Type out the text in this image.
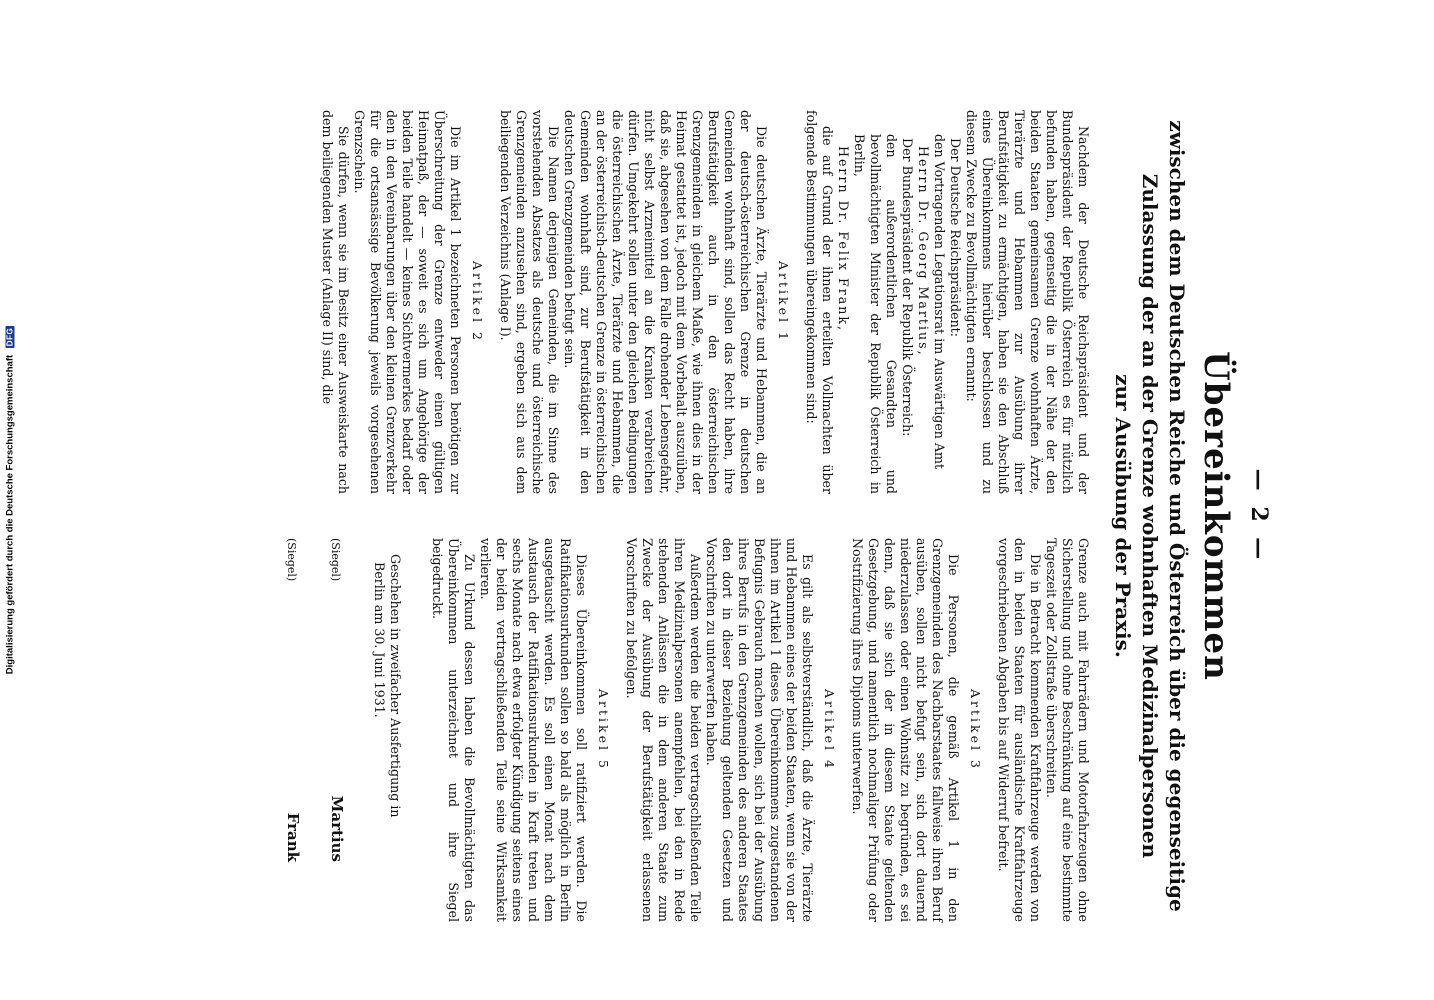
Digitalisierung gefördert durch die Deutsche Forschungsgemeinschaft DFG
— 2 —
Übereinkommen
zwischen dem Deutschen Reiche und Österreich über die gegenseitige
Zulassung der an der Grenze wohnhaften Medizinalpersonen
zur Ausübung der Praxis.

Nachdem der Deutsche Reichspräsident und der Bundespräsident der Republik Österreich es für nützlich befunden haben, gegenseitig die in der Nähe der den beiden Staaten gemeinsamen Grenze wohnhaften Ärzte, Tierärzte und Hebammen zur Ausübung ihrer Berufstätigkeit zu ermächtigen, haben sie den Abschluß eines Übereinkommens hierüber beschlossen und zu diesem Zwecke zu Bevollmächtigten ernannt:

Der Deutsche Reichspräsident:

den Vortragenden Legationsrat im Auswärtigen Amt

Herrn Dr. Georg Martius,

Der Bundespräsident der Republik Österreich:

den außerordentlichen Gesandten und bevollmächtigten Minister der Republik Österreich in Berlin,

Herrn Dr. Felix Frank,

die auf Grund der ihnen erteilten Vollmachten über folgende Bestimmungen übereingekommen sind:

Artikel 1

Die deutschen Ärzte, Tierärzte und Hebammen, die an der deutsch-österreichischen Grenze in deutschen Gemeinden wohnhaft sind, sollen das Recht haben, ihre Berufstätigkeit auch in den österreichischen Grenzgemeinden in gleichem Maße, wie ihnen dies in der Heimat gestattet ist, jedoch mit dem Vorbehalt auszuüben, daß sie, abgesehen von dem Falle drohender Lebensgefahr, nicht selbst Arzneimittel an die Kranken verabreichen dürfen. Umgekehrt sollen unter den gleichen Bedingungen die österreichischen Ärzte, Tierärzte und Hebammen, die an der österreichisch-deutschen Grenze in österreichischen Gemeinden wohnhaft sind, zur Berufstätigkeit in den deutschen Grenzgemeinden befugt sein.

Die Namen derjenigen Gemeinden, die im Sinne des vorstehenden Absatzes als deutsche und österreichische Grenzgemeinden anzusehen sind, ergeben sich aus dem beiliegenden Verzeichnis (Anlage I).

Artikel 2

Die im Artikel 1 bezeichneten Personen benötigen zur Überschreitung der Grenze entweder einen gültigen Heimatpaß, der — soweit es sich um Angehörige der beiden Teile handelt — keines Sichtvermerkes bedarf oder den in den Vereinbarungen über den kleinen Grenzverkehr für die ortsansässige Bevölkerung jeweils vorgesehenen Grenzschein.

Sie dürfen, wenn sie im Besitz einer Ausweiskarte nach dem beiliegenden Muster (Anlage II) sind, die

Grenze auch mit Fahrrädern und Motorfahrzeugen ohne Sicherstellung und ohne Beschränkung auf eine bestimmte Tageszeit oder Zollstraße überschreiten.

Die in Betracht kommenden Kraftfahrzeuge werden von den in beiden Staaten für ausländische Kraftfahrzeuge vorgeschriebenen Abgaben bis auf Widerruf befreit.

Artikel 3

Die Personen, die gemäß Artikel 1 in den Grenzgemeinden des Nachbarstaates fallweise ihren Beruf ausüben, sollen nicht befugt sein, sich dort dauernd niederzulassen oder einen Wohnsitz zu begründen, es sei denn, daß sie sich der in diesem Staate geltenden Gesetzgebung, und namentlich nochmaliger Prüfung oder Nostrifizierung ihres Diploms unterwerfen.

Artikel 4

Es gilt als selbstverständlich, daß die Ärzte, Tierärzte und Hebammen eines der beiden Staaten, wenn sie von der ihnen im Artikel 1 dieses Übereinkommens zugestandenen Befugnis Gebrauch machen wollen, sich bei der Ausübung ihres Berufs in den Grenzgemeinden des anderen Staates den dort in dieser Beziehung geltenden Gesetzen und Vorschriften zu unterwerfen haben.

Außerdem werden die beiden vertragschließenden Teile ihren Medizinalpersonen anempfehlen, bei den in Rede stehenden Anlässen die in dem anderen Staate zum Zwecke der Ausübung der Berufstätigkeit erlassenen Vorschriften zu befolgen.

Artikel 5

Dieses Übereinkommen soll ratifiziert werden. Die Ratifikationsurkunden sollen so bald als möglich in Berlin ausgetauscht werden. Es soll einen Monat nach dem Austausch der Ratifikationsurkunden in Kraft treten und sechs Monate nach etwa erfolgter Kündigung seitens eines der beiden vertragschließenden Teile seine Wirksamkeit verlieren.

Zu Urkund dessen haben die Bevollmächtigten das Übereinkommen unterzeichnet und ihre Siegel beigedruckt.

Geschehen in zweifacher Ausfertigung in

Berlin am 30. Juni 1931.

(Siegel)
Martius
(Siegel)
Frank
